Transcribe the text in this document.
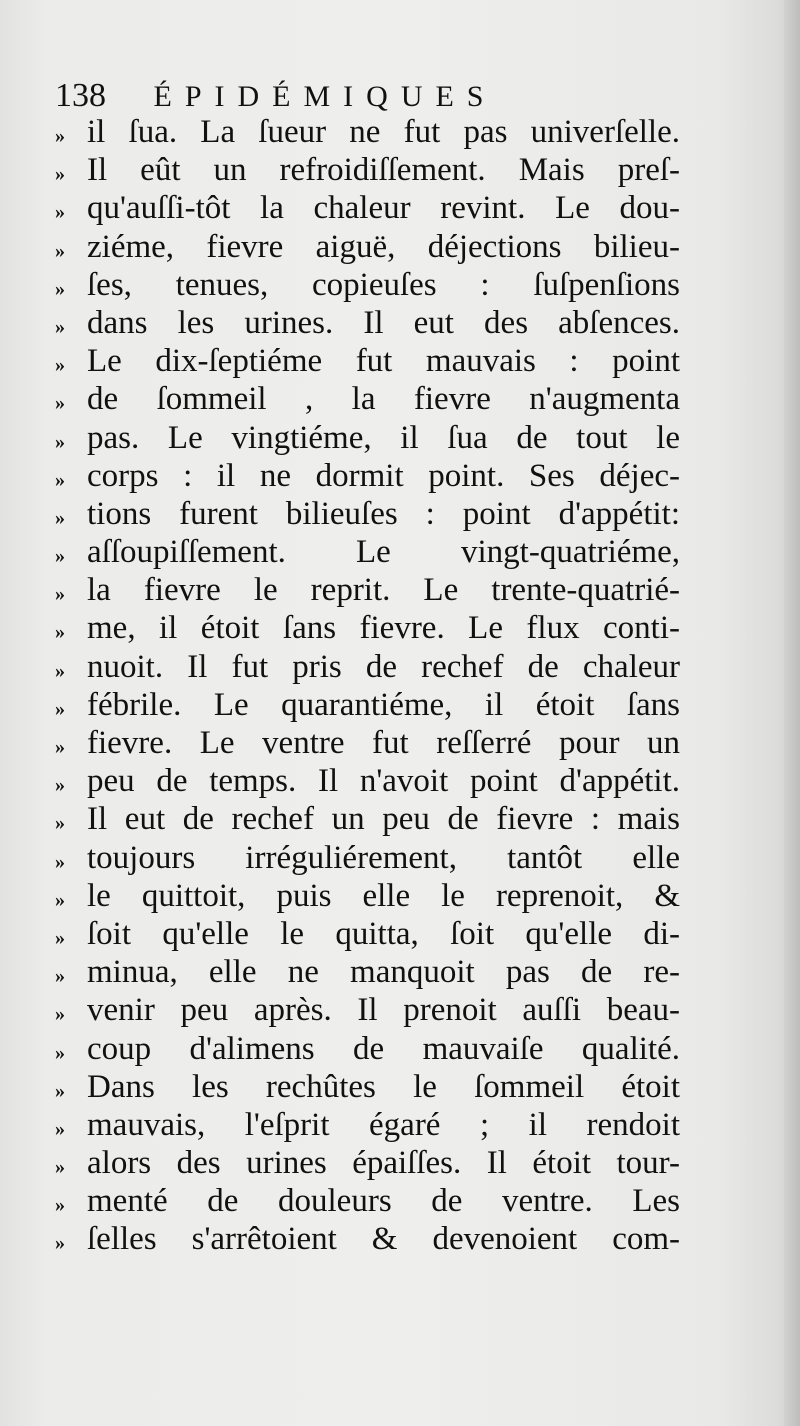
138 ÉPIDÉMIQUES
» il ſua. La ſueur ne fut pas univerſelle.
» Il eût un refroidiſſement. Mais preſ-
» qu'auſſi-tôt la chaleur revint. Le dou-
» ziéme, fievre aiguë, déjections bilieu-
» ſes, tenues, copieuſes : ſuſpenſions
» dans les urines. Il eut des abſences.
» Le dix-ſeptiéme fut mauvais : point
» de ſommeil , la fievre n'augmenta
» pas. Le vingtiéme, il ſua de tout le
» corps : il ne dormit point. Ses déjec-
» tions furent bilieuſes : point d'appétit:
» aſſoupiſſement. Le vingt-quatriéme,
» la fievre le reprit. Le trente-quatrié-
» me, il étoit ſans fievre. Le flux conti-
» nuoit. Il fut pris de rechef de chaleur
» fébrile. Le quarantiéme, il étoit ſans
» fievre. Le ventre fut reſſerré pour un
» peu de temps. Il n'avoit point d'appétit.
» Il eut de rechef un peu de fievre : mais
» toujours irréguliérement, tantôt elle
» le quittoit, puis elle le reprenoit, &
» ſoit qu'elle le quitta, ſoit qu'elle di-
» minua, elle ne manquoit pas de re-
» venir peu après. Il prenoit auſſi beau-
» coup d'alimens de mauvaiſe qualité.
» Dans les rechûtes le ſommeil étoit
» mauvais, l'eſprit égaré ; il rendoit
» alors des urines épaiſſes. Il étoit tour-
» menté de douleurs de ventre. Les
» ſelles s'arrêtoient & devenoient com-
